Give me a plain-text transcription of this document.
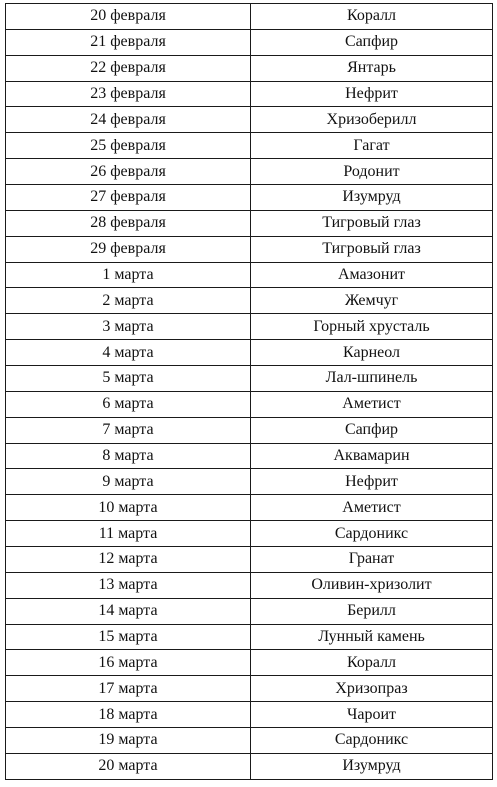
20 февраля	Коралл
21 февраля	Сапфир
22 февраля	Янтарь
23 февраля	Нефрит
24 февраля	Хризоберилл
25 февраля	Гагат
26 февраля	Родонит
27 февраля	Изумруд
28 февраля	Тигровый глаз
29 февраля	Тигровый глаз
1 марта	Амазонит
2 марта	Жемчуг
3 марта	Горный хрусталь
4 марта	Карнеол
5 марта	Лал-шпинель
6 марта	Аметист
7 марта	Сапфир
8 марта	Аквамарин
9 марта	Нефрит
10 марта	Аметист
11 марта	Сардоникс
12 марта	Гранат
13 марта	Оливин-хризолит
14 марта	Берилл
15 марта	Лунный камень
16 марта	Коралл
17 марта	Хризопраз
18 марта	Чароит
19 марта	Сардоникс
20 марта	Изумруд
